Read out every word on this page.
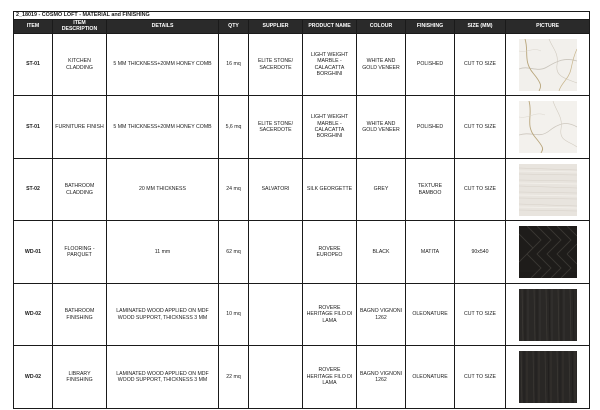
2_18019 - COSMO LOFT - MATERIAL and FINISHING									
ITEM	ITEM DESCRIPTION	DETAILS	QTY	SUPPLIER	PRODUCT NAME	COLOUR	FINISHING	SIZE (MM)	PICTURE
ST-01	KITCHEN CLADDING	5 MM THICKNESS+20MM HONEY COMB	16 mq	ELITE STONE/ SACERDOTE	LIGHT WEIGHT MARBLE - CALACATTA BORGHINI	WHITE AND GOLD VENEER	POLISHED	CUT TO SIZE	

ST-01	FURNITURE FINISH	5 MM THICKNESS+20MM HONEY COMB	5,6 mq	ELITE STONE/ SACERDOTE	LIGHT WEIGHT MARBLE - CALACATTA BORGHINI	WHITE AND GOLD VENEER	POLISHED	CUT TO SIZE	

ST-02	BATHROOM CLADDING	20 MM THICKNESS	24 mq	SALVATORI	SILK GEORGETTE	GREY	TEXTURE BAMBOO	CUT TO SIZE	

WD-01	FLOORING - PARQUET	11 mm	62 mq		ROVERE EUROPEO	BLACK	MATITA	90x540	

WD-02	BATHROOM FINISHING	LAMINATED WOOD APPLIED ON MDF WOOD SUPPORT, THICKNESS 3 MM	10 mq		ROVERE HERITAGE FILO DI LAMA	BAGNO VIGNONI 1262	OLEONATURE	CUT TO SIZE	

WD-02	LIBRARY FINISHING	LAMINATED WOOD APPLIED ON MDF WOOD SUPPORT, THICKNESS 3 MM	22 mq		ROVERE HERITAGE FILO DI LAMA	BAGNO VIGNONI 1262	OLEONATURE	CUT TO SIZE	
